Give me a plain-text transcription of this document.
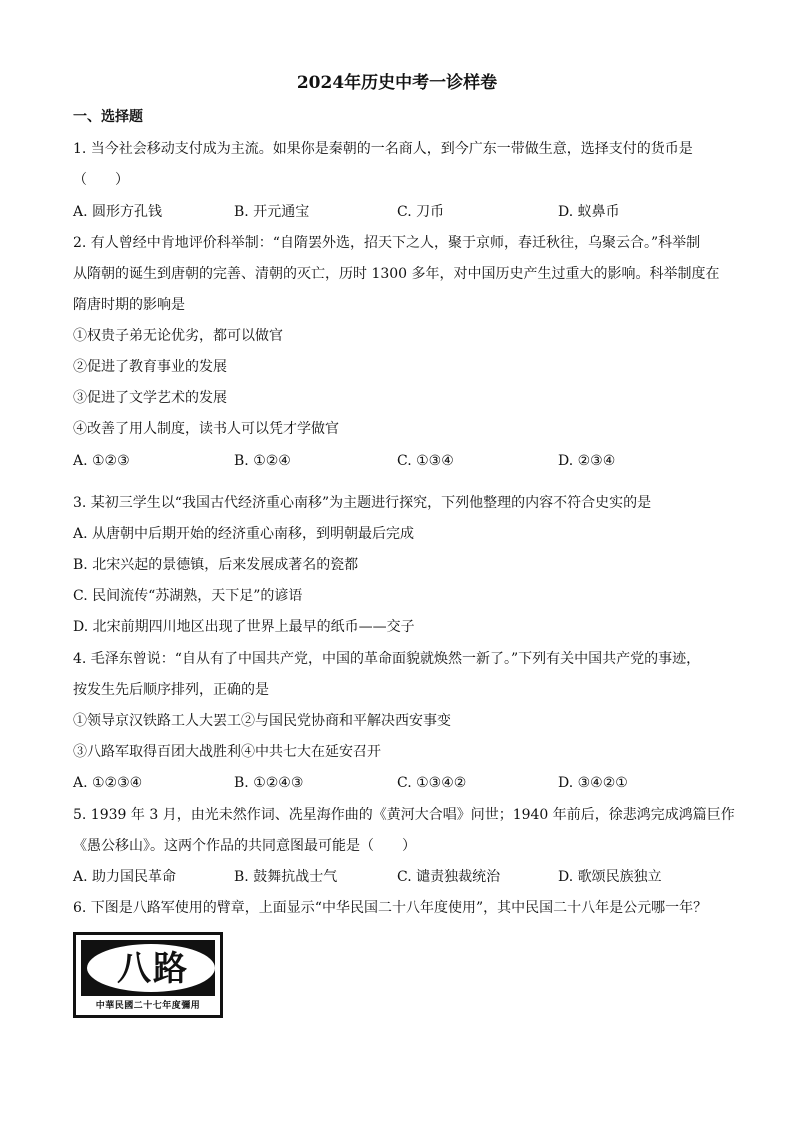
2024年历史中考一诊样卷
一、选择题
1. 当今社会移动支付成为主流。如果你是秦朝的一名商人，到今广东一带做生意，选择支付的货币是
（　　）
A. 圆形方孔钱	B. 开元通宝	C. 刀币	D. 蚁鼻币
2. 有人曾经中肯地评价科举制：“自隋罢外选，招天下之人，聚于京师，春迁秋往，乌聚云合。”科举制
从隋朝的诞生到唐朝的完善、清朝的灭亡，历时 1300 多年，对中国历史产生过重大的影响。科举制度在
隋唐时期的影响是
①权贵子弟无论优劣，都可以做官
②促进了教育事业的发展
③促进了文学艺术的发展
④改善了用人制度，读书人可以凭才学做官
A. ①②③	B. ①②④	C. ①③④	D. ②③④
3. 某初三学生以“我国古代经济重心南移”为主题进行探究，下列他整理的内容不符合史实的是
A. 从唐朝中后期开始的经济重心南移，到明朝最后完成
B. 北宋兴起的景德镇，后来发展成著名的瓷都
C. 民间流传“苏湖熟，天下足”的谚语
D. 北宋前期四川地区出现了世界上最早的纸币——交子
4. 毛泽东曾说：“自从有了中国共产党，中国的革命面貌就焕然一新了。”下列有关中国共产党的事迹，
按发生先后顺序排列，正确的是
①领导京汉铁路工人大罢工②与国民党协商和平解决西安事变
③八路军取得百团大战胜利④中共七大在延安召开
A. ①②③④	B. ①②④③	C. ①③④②	D. ③④②①
5. 1939 年 3 月，由光未然作词、冼星海作曲的《黄河大合唱》问世；1940 年前后，徐悲鸿完成鸿篇巨作
《愚公移山》。这两个作品的共同意图最可能是（　　）
A. 助力国民革命	B. 鼓舞抗战士气	C. 谴责独裁统治	D. 歌颂民族独立
6. 下图是八路军使用的臂章，上面显示“中华民国二十八年度使用”，其中民国二十八年是公元哪一年？
八路
中華民國二十七年度彌用
